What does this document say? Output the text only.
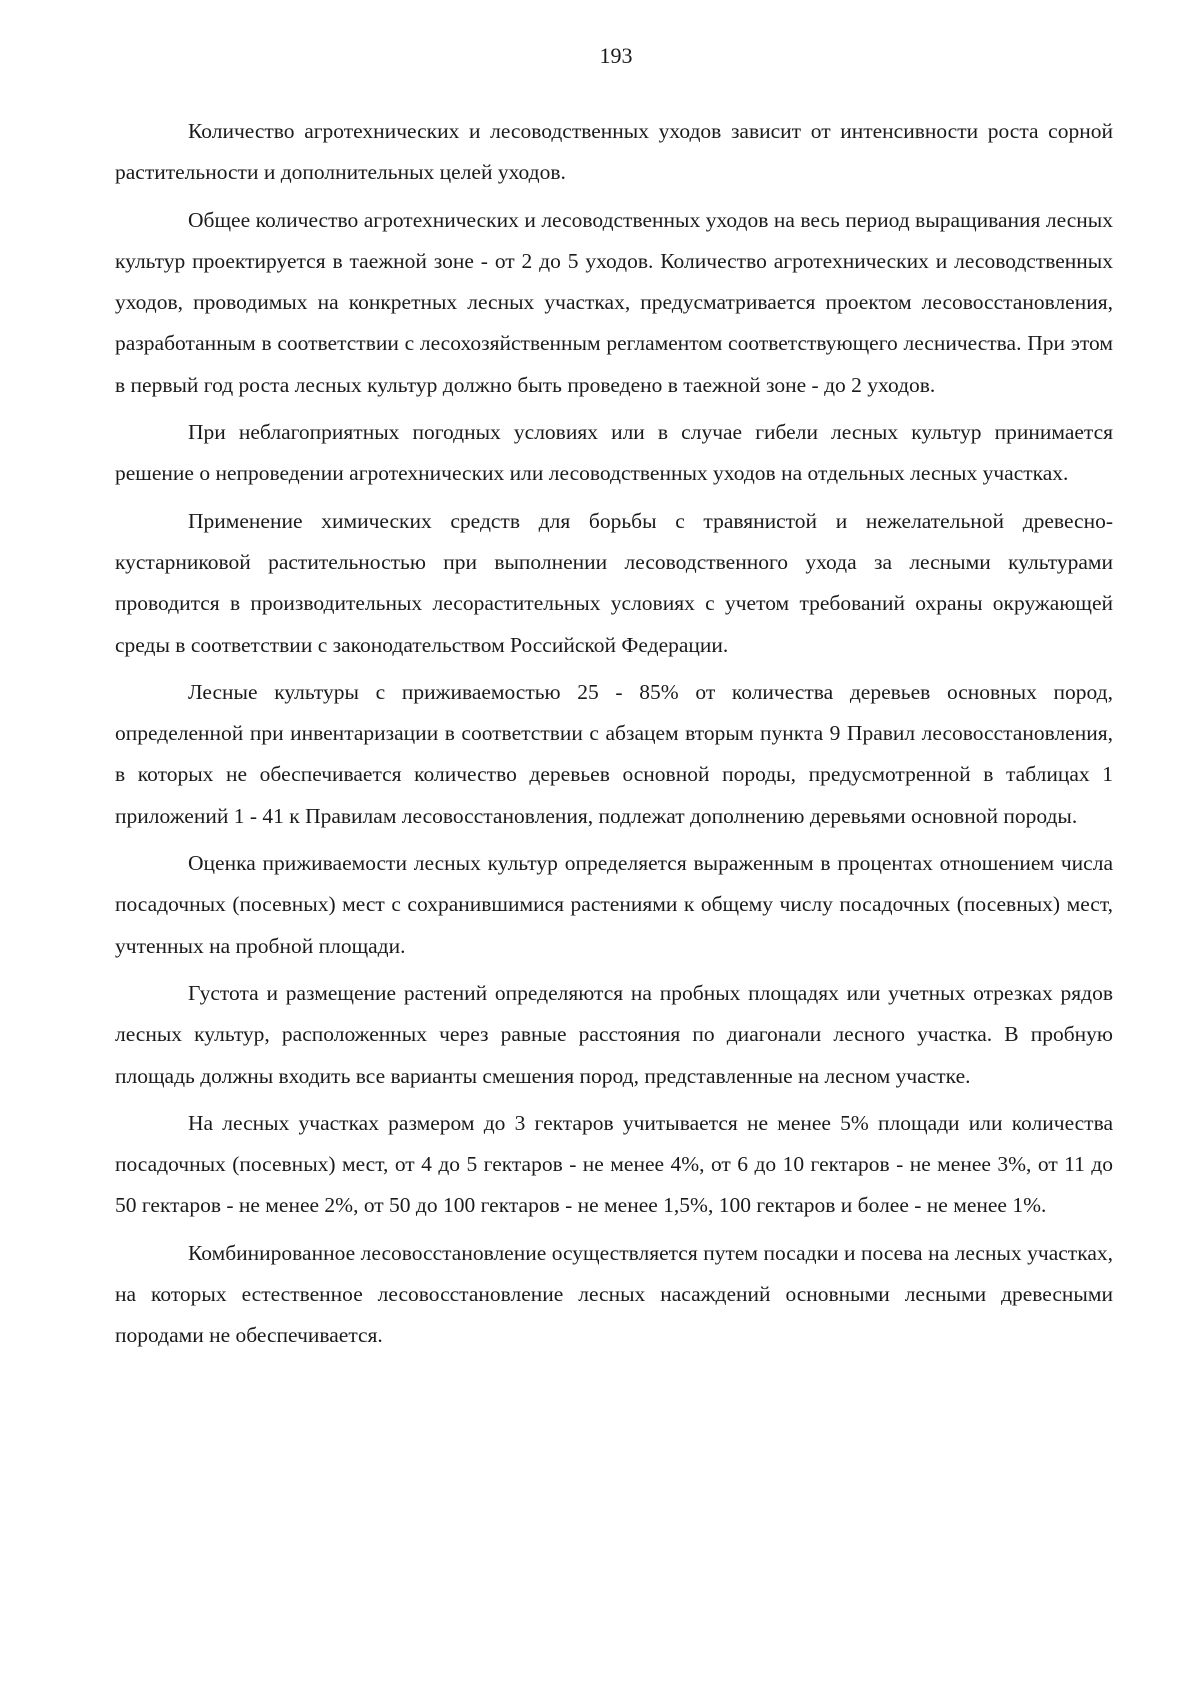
193

Количество агротехнических и лесоводственных уходов зависит от интенсивности роста сорной растительности и дополнительных целей уходов.

Общее количество агротехнических и лесоводственных уходов на весь период выращивания лесных культур проектируется в таежной зоне - от 2 до 5 уходов. Количество агротехнических и лесоводственных уходов, проводимых на конкретных лесных участках, предусматривается проектом лесовосстановления, разработанным в соответствии с лесохозяйственным регламентом соответствующего лесничества. При этом в первый год роста лесных культур должно быть проведено в таежной зоне - до 2 уходов.

При неблагоприятных погодных условиях или в случае гибели лесных культур принимается решение о непроведении агротехнических или лесоводственных уходов на отдельных лесных участках.

Применение химических средств для борьбы с травянистой и нежелательной древесно-кустарниковой растительностью при выполнении лесоводственного ухода за лесными культурами проводится в производительных лесорастительных условиях с учетом требований охраны окружающей среды в соответствии с законодательством Российской Федерации.

Лесные культуры с приживаемостью 25 - 85% от количества деревьев основных пород, определенной при инвентаризации в соответствии с абзацем вторым пункта 9 Правил лесовосстановления, в которых не обеспечивается количество деревьев основной породы, предусмотренной в таблицах 1 приложений 1 - 41 к Правилам лесовосстановления, подлежат дополнению деревьями основной породы.

Оценка приживаемости лесных культур определяется выраженным в процентах отношением числа посадочных (посевных) мест с сохранившимися растениями к общему числу посадочных (посевных) мест, учтенных на пробной площади.

Густота и размещение растений определяются на пробных площадях или учетных отрезках рядов лесных культур, расположенных через равные расстояния по диагонали лесного участка. В пробную площадь должны входить все варианты смешения пород, представленные на лесном участке.

На лесных участках размером до 3 гектаров учитывается не менее 5% площади или количества посадочных (посевных) мест, от 4 до 5 гектаров - не менее 4%, от 6 до 10 гектаров - не менее 3%, от 11 до 50 гектаров - не менее 2%, от 50 до 100 гектаров - не менее 1,5%, 100 гектаров и более - не менее 1%.

Комбинированное лесовосстановление осуществляется путем посадки и посева на лесных участках, на которых естественное лесовосстановление лесных насаждений основными лесными древесными породами не обеспечивается.
